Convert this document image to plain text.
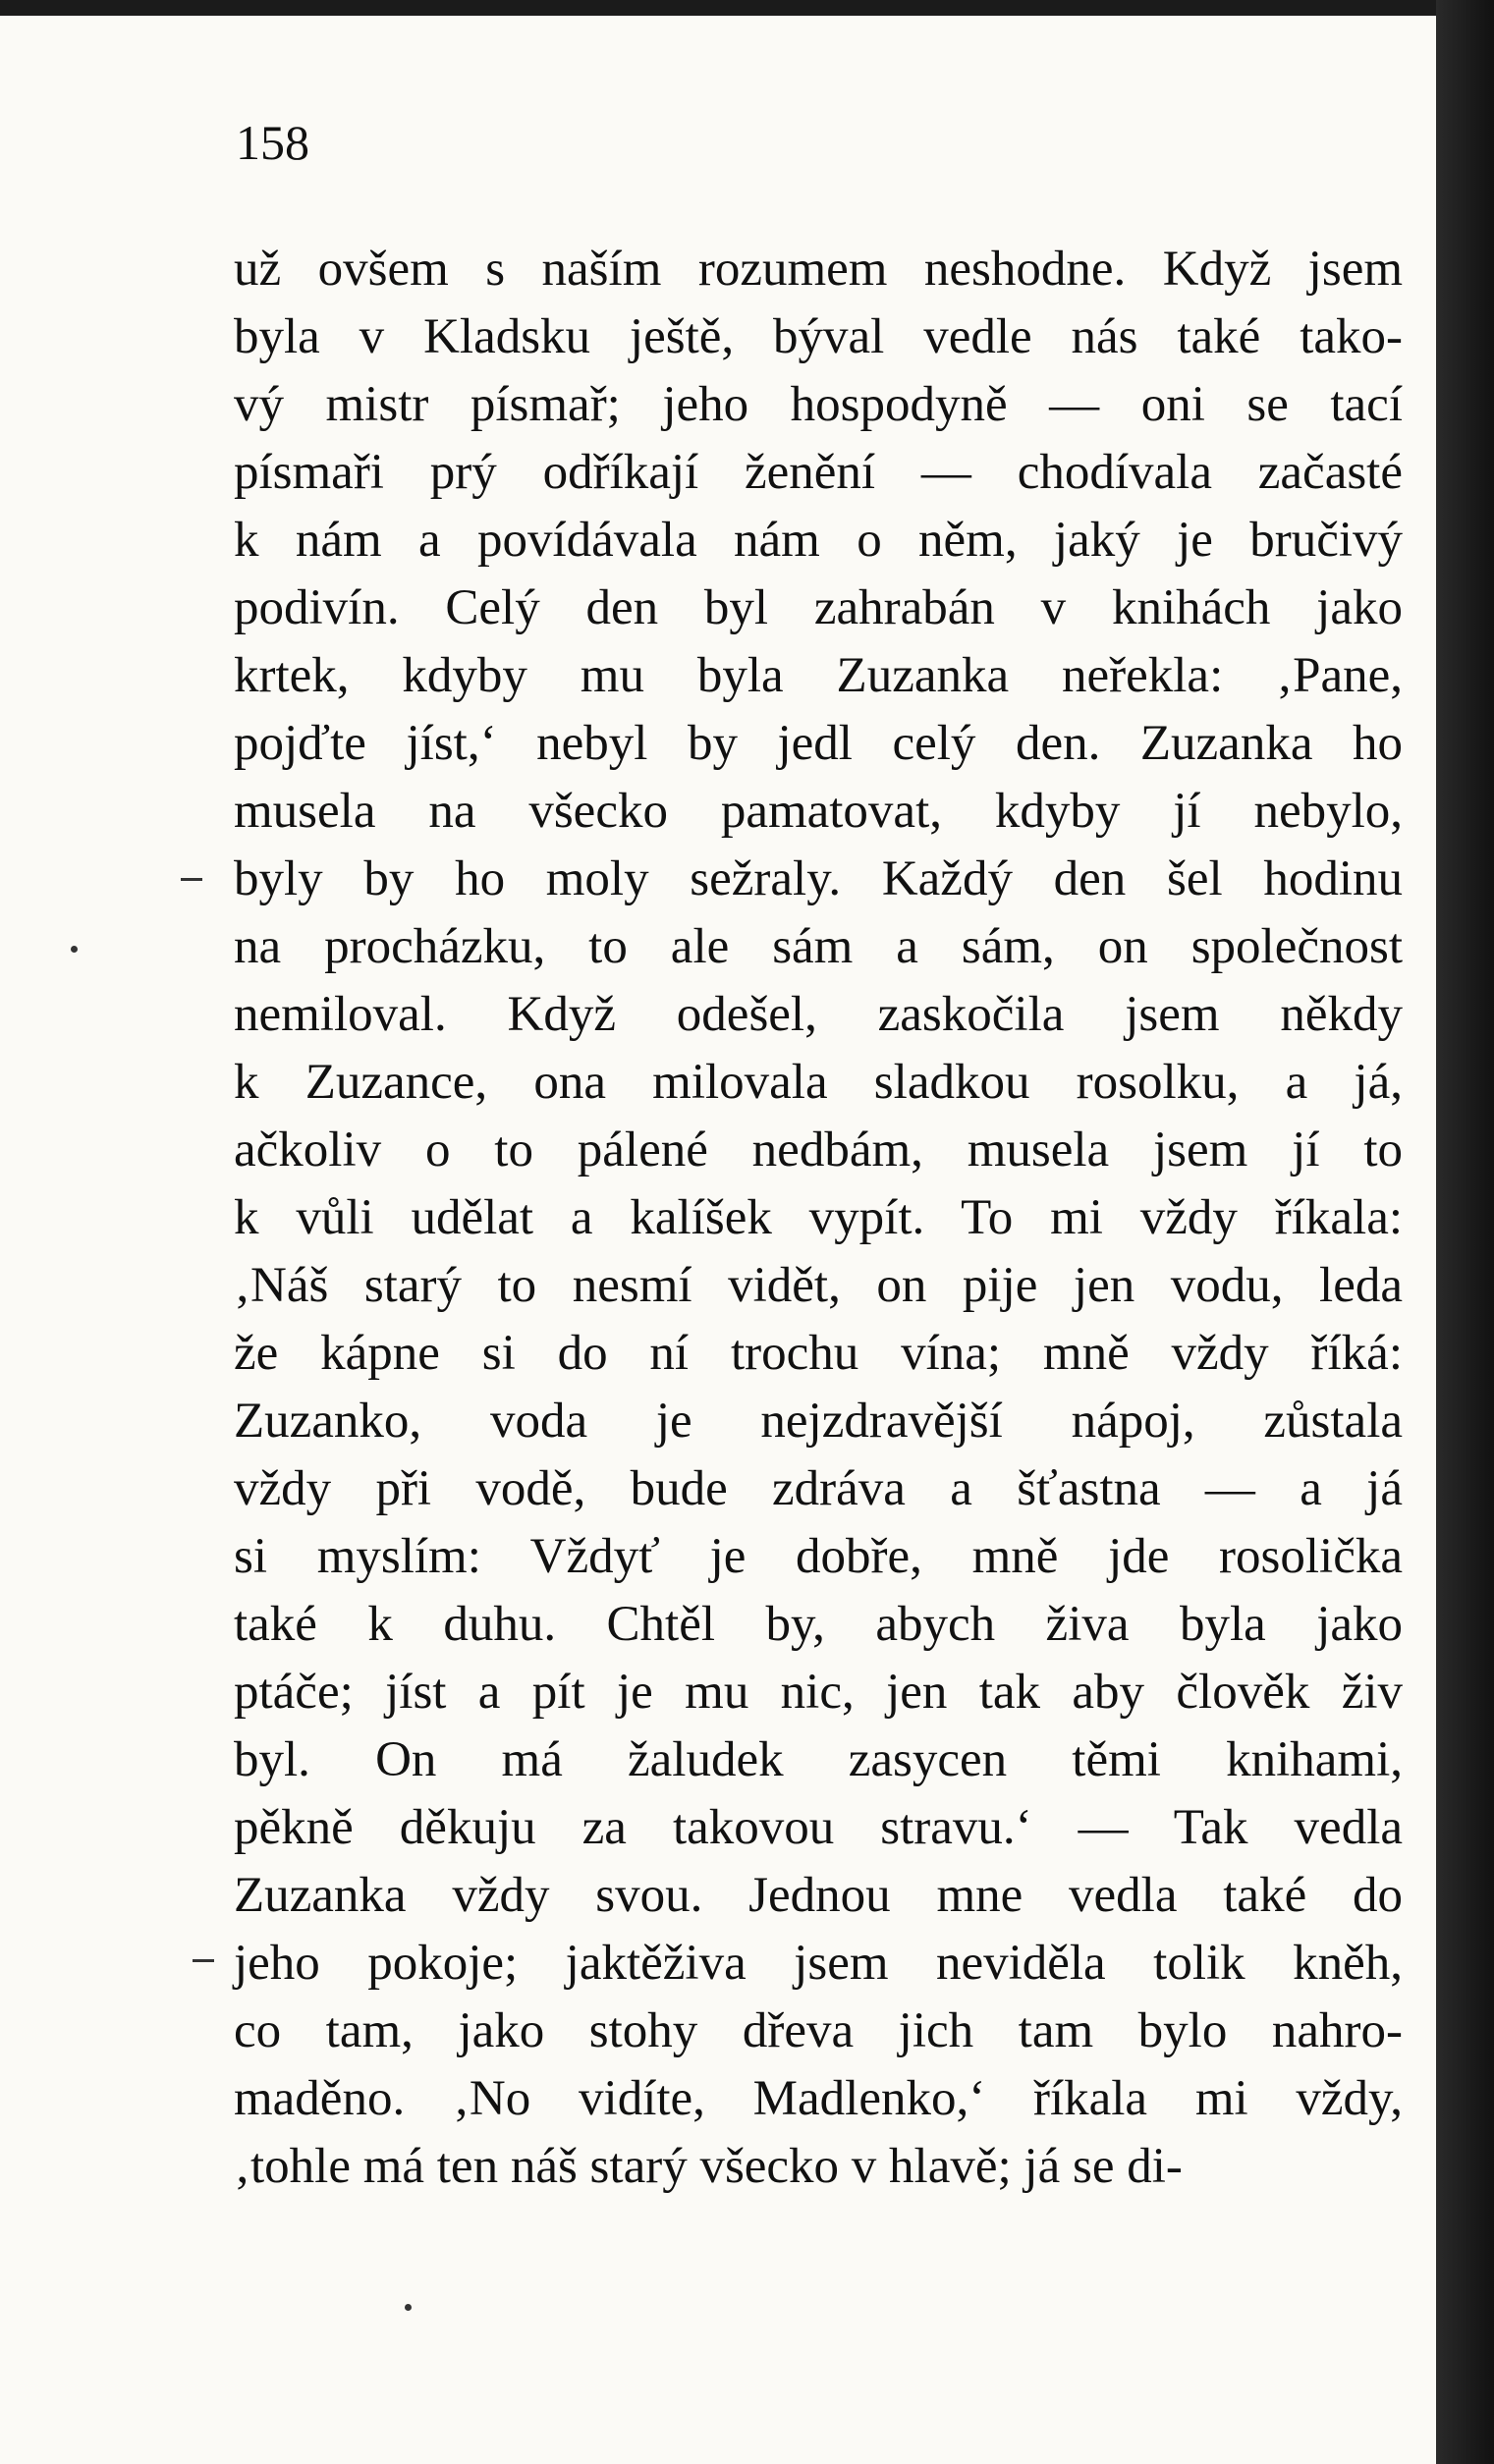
158
už ovšem s naším rozumem neshodne. Když jsem
byla v Kladsku ještě, býval vedle nás také tako-
vý mistr písmař; jeho hospodyně — oni se tací
písmaři prý odříkají ženění — chodívala začasté
k nám a povídávala nám o něm, jaký je bručivý
podivín. Celý den byl zahrabán v knihách jako
krtek, kdyby mu byla Zuzanka neřekla: ‚Pane,
pojďte jíst,‘ nebyl by jedl celý den. Zuzanka ho
musela na všecko pamatovat, kdyby jí nebylo,
byly by ho moly sežraly. Každý den šel hodinu
na procházku, to ale sám a sám, on společnost
nemiloval. Když odešel, zaskočila jsem někdy
k Zuzance, ona milovala sladkou rosolku, a já,
ačkoliv o to pálené nedbám, musela jsem jí to
k vůli udělat a kalíšek vypít. To mi vždy říkala:
‚Náš starý to nesmí vidět, on pije jen vodu, leda
že kápne si do ní trochu vína; mně vždy říká:
Zuzanko, voda je nejzdravější nápoj, zůstala
vždy při vodě, bude zdráva a šťastna — a já
si myslím: Vždyť je dobře, mně jde rosolička
také k duhu. Chtěl by, abych živa byla jako
ptáče; jíst a pít je mu nic, jen tak aby člověk živ
byl. On má žaludek zasycen těmi knihami,
pěkně děkuju za takovou stravu.‘ — Tak vedla
Zuzanka vždy svou. Jednou mne vedla také do
jeho pokoje; jaktěživa jsem neviděla tolik kněh,
co tam, jako stohy dřeva jich tam bylo nahro-
maděno. ‚No vidíte, Madlenko,‘ říkala mi vždy,
‚tohle má ten náš starý všecko v hlavě; já se di-
